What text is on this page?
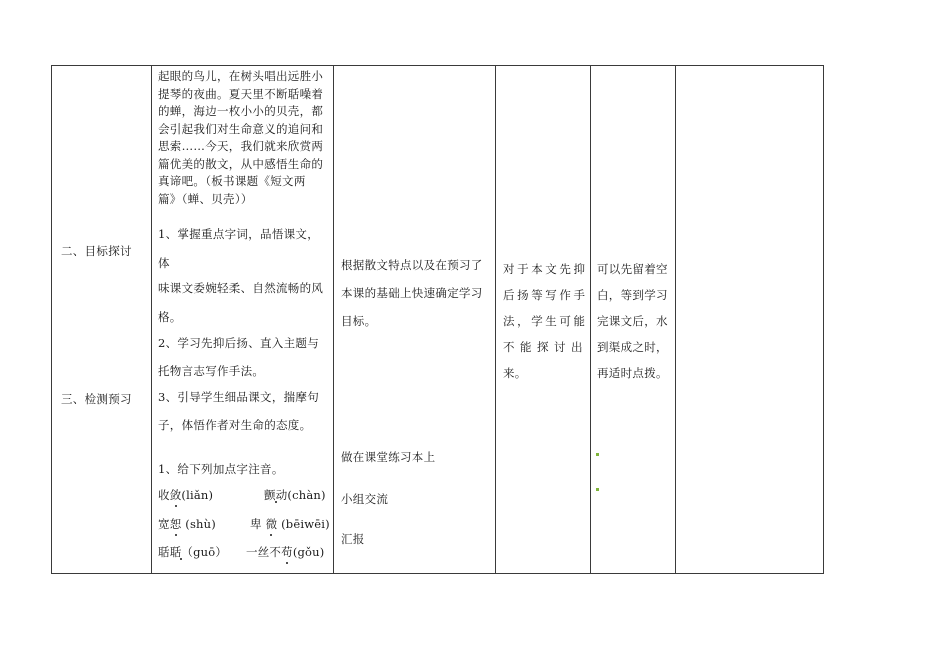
二、目标探讨
三、检测预习

起眼的鸟儿，在树头唱出远胜小

提琴的夜曲。夏天里不断聒噪着

的蝉，海边一枚小小的贝壳，都

会引起我们对生命意义的追问和

思索……今天，我们就来欣赏两

篇优美的散文，从中感悟生命的

真谛吧。（板书课题《短文两

篇》（蝉、贝壳））

1、掌握重点字词，品悟课文，
体
味课文委婉轻柔、自然流畅的风
格。
2、学习先抑后扬、直入主题与
托物言志写作手法。
3、引导学生细品课文，揣摩句
子，体悟作者对生命的态度。
1、给下列加点字注音。
收敛(liǎn)	颤动(chàn)
宽恕 (shù)	卑 微 (bēiwēi)
聒聒（guō） 一丝不苟(gǒu)

根据散文特点以及在预习了

本课的基础上快速确定学习

目标。

做在课堂练习本上
小组交流
汇报

对于本文先抑

后扬等写作手

法，学生可能

不能探讨出

来。

可以先留着空

白，等到学习

完课文后，水

到渠成之时，

再适时点拨。
